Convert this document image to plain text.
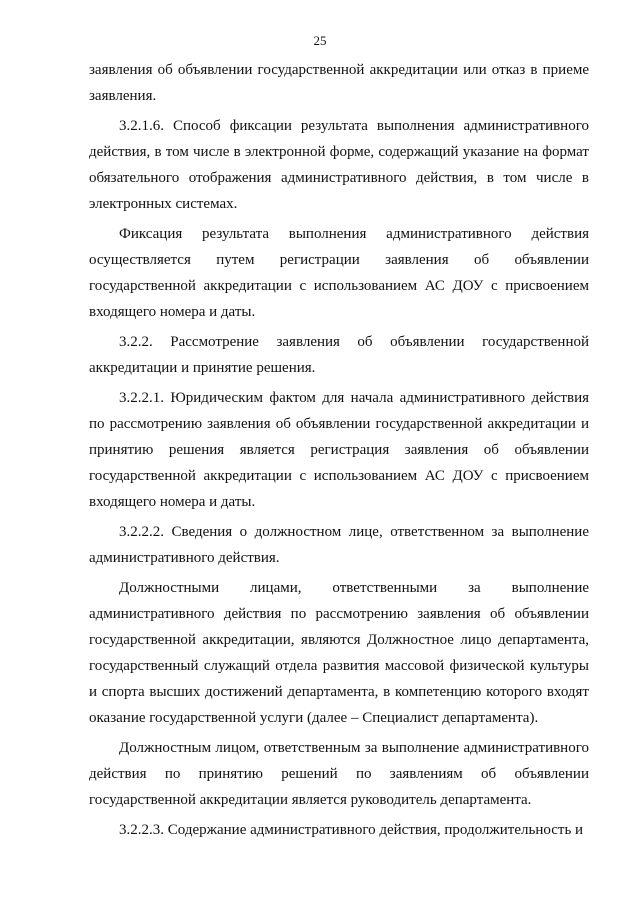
25

заявления об объявлении государственной аккредитации или отказ в приеме заявления.

3.2.1.6. Способ фиксации результата выполнения административного действия, в том числе в электронной форме, содержащий указание на формат обязательного отображения административного действия, в том числе в электронных системах.

Фиксация результата выполнения административного действия осуществляется путем регистрации заявления об объявлении государственной аккредитации с использованием АС ДОУ с присвоением входящего номера и даты.

3.2.2. Рассмотрение заявления об объявлении государственной аккредитации и принятие решения.

3.2.2.1. Юридическим фактом для начала административного действия по рассмотрению заявления об объявлении государственной аккредитации и принятию решения является регистрация заявления об объявлении государственной аккредитации с использованием АС ДОУ с присвоением входящего номера и даты.

3.2.2.2. Сведения о должностном лице, ответственном за выполнение административного действия.

Должностными лицами, ответственными за выполнение административного действия по рассмотрению заявления об объявлении государственной аккредитации, являются Должностное лицо департамента, государственный служащий отдела развития массовой физической культуры и спорта высших достижений департамента, в компетенцию которого входят оказание государственной услуги (далее – Специалист департамента).

Должностным лицом, ответственным за выполнение административного действия по принятию решений по заявлениям об объявлении государственной аккредитации является руководитель департамента.

3.2.2.3. Содержание административного действия, продолжительность и
